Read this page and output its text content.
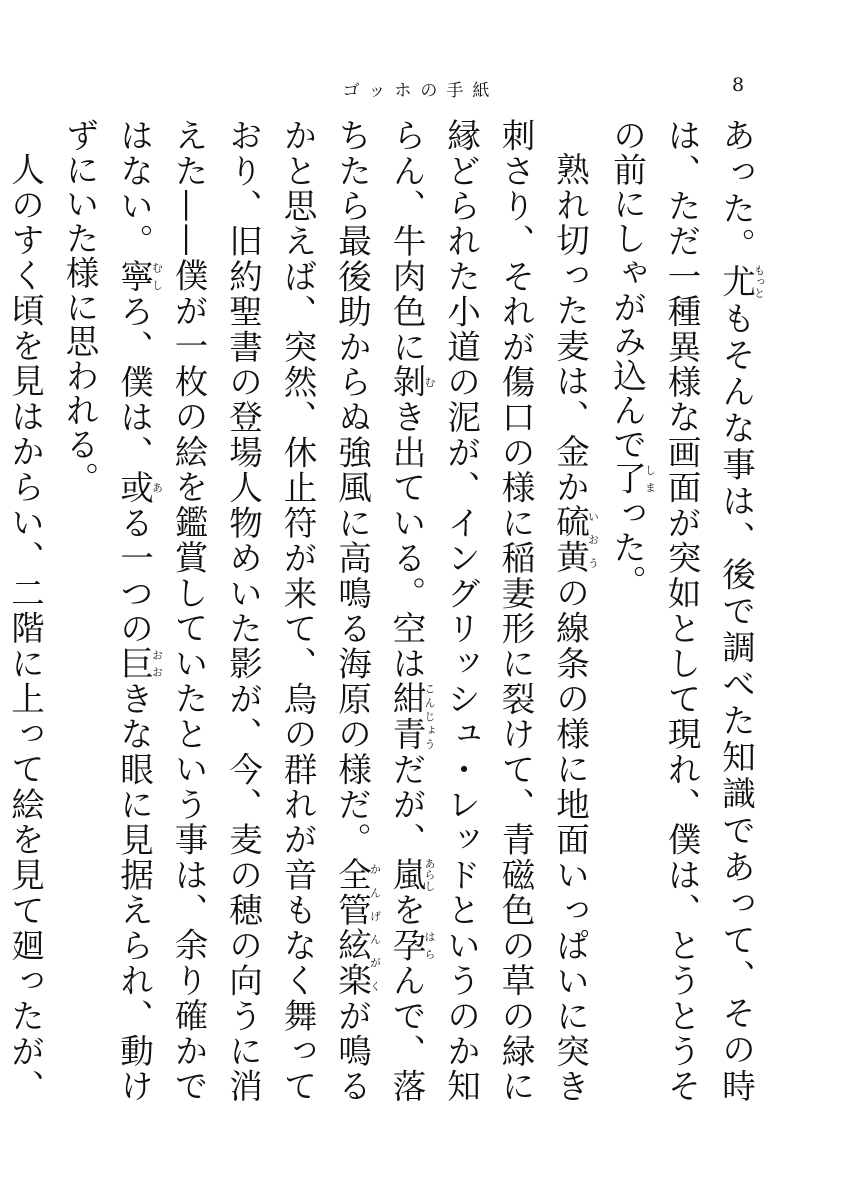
ゴッホの手紙	8

あった。尤もっともそんな事は、後で調べた知識であって、その時は、ただ一種異様な画面が突如として現れ、僕は、とうとうその前にしゃがみ込んで了しまった。

熟れ切った麦は、金か硫黄いおうの線条の様に地面いっぱいに突き刺さり、それが傷口の様に稲妻形に裂けて、青磁色の草の緑に縁どられた小道の泥が、イングリッシュ・レッドというのか知らん、牛肉色に剝むき出ている。空は紺青こんじょうだが、嵐あらしを孕はらんで、落ちたら最後助からぬ強風に高鳴る海原の様だ。全管絃楽かんげんがくが鳴るかと思えば、突然、休止符が来て、烏の群れが音もなく舞っており、旧約聖書の登場人物めいた影が、今、麦の穂の向うに消えた——僕が一枚の絵を鑑賞していたという事は、余り確かではない。寧むしろ、僕は、或ある一つの巨おおきな眼に見据えられ、動けずにいた様に思われる。

人のすく頃を見はからい、二階に上って絵を見て廻ったが、
